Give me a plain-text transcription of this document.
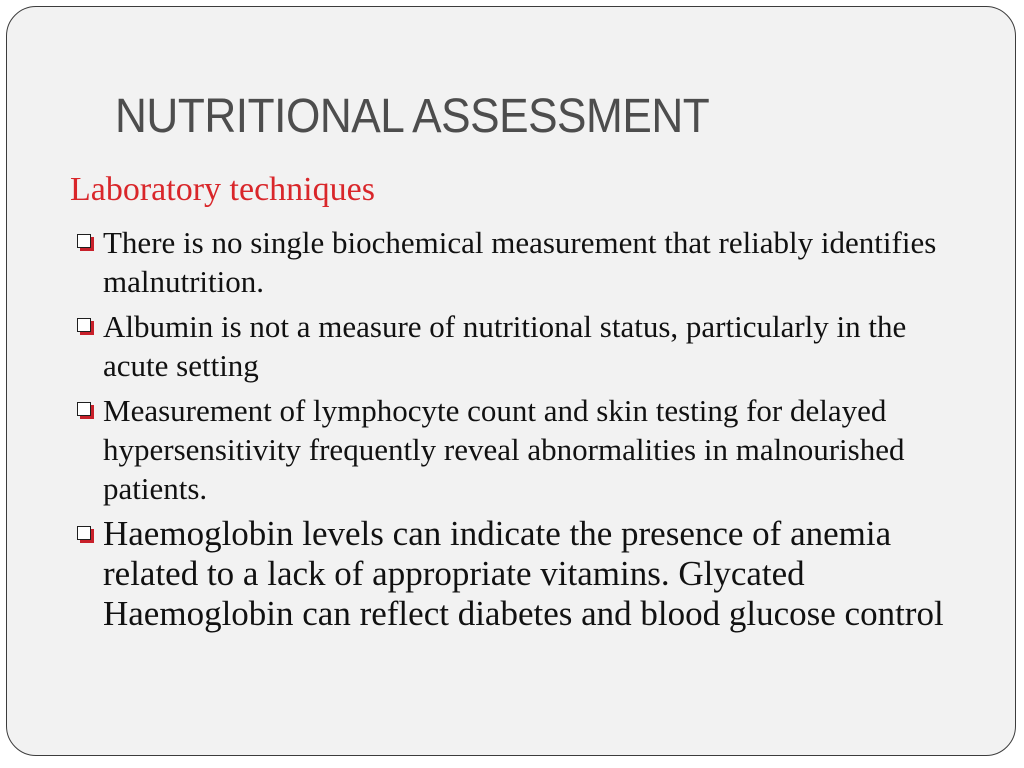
NUTRITIONAL ASSESSMENT
Laboratory techniques
There is no single biochemical measurement that reliably identifies malnutrition.
Albumin is not a measure of nutritional status, particularly in the acute setting
Measurement of lymphocyte count and skin testing for delayed hypersensitivity frequently reveal abnormalities in malnourished patients.
Haemoglobin levels can indicate the presence of anemia related to a lack of appropriate vitamins. Glycated Haemoglobin can reflect diabetes and blood glucose control
